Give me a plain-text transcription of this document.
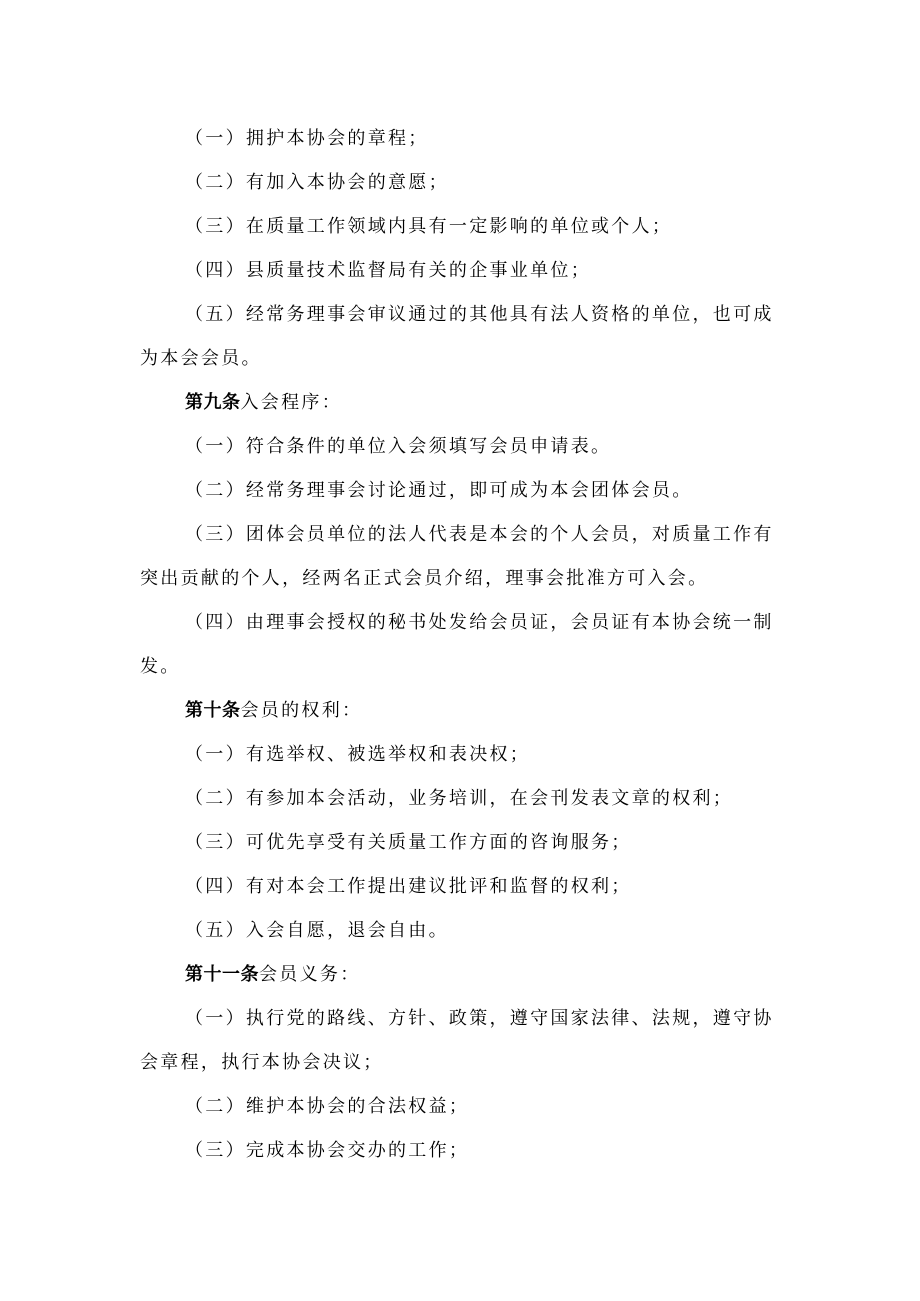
（一）拥护本协会的章程；

（二）有加入本协会的意愿；

（三）在质量工作领域内具有一定影响的单位或个人；

（四）县质量技术监督局有关的企事业单位；

（五）经常务理事会审议通过的其他具有法人资格的单位，也可成

为本会会员。

第九条入会程序：

（一）符合条件的单位入会须填写会员申请表。

（二）经常务理事会讨论通过，即可成为本会团体会员。

（三）团体会员单位的法人代表是本会的个人会员，对质量工作有

突出贡献的个人，经两名正式会员介绍，理事会批准方可入会。

（四）由理事会授权的秘书处发给会员证，会员证有本协会统一制

发。

第十条会员的权利：

（一）有选举权、被选举权和表决权；

（二）有参加本会活动，业务培训，在会刊发表文章的权利；

（三）可优先享受有关质量工作方面的咨询服务；

（四）有对本会工作提出建议批评和监督的权利；

（五）入会自愿，退会自由。

第十一条会员义务：

（一）执行党的路线、方针、政策，遵守国家法律、法规，遵守协

会章程，执行本协会决议；

（二）维护本协会的合法权益；

（三）完成本协会交办的工作；
